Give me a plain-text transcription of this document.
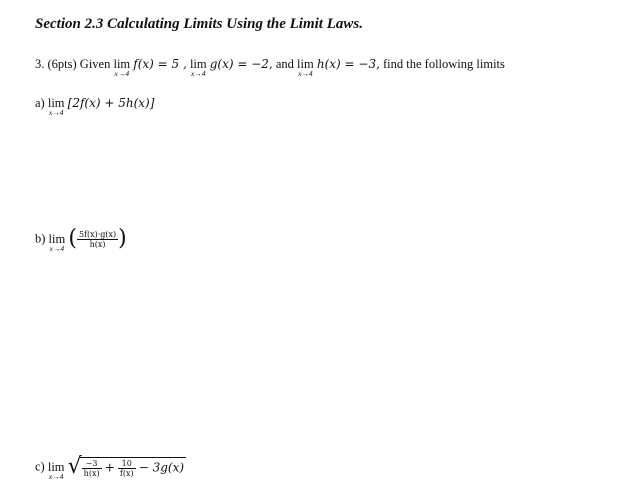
Section 2.3 Calculating Limits Using the Limit Laws.
3. (6pts) Given lim
x→4
f(x) = 5 , lim
x→4
g(x) = −2, and lim
x→4
h(x) = −3, find the following limits
a) lim
x→4
[2f(x) + 5h(x)]
b) lim
x→4 ( $\frac{5f(x)\cdot g(x)}{h(x)}$ )
c) lim
x→4 √ $\frac{-3}{h(x)} + \frac{10}{f(x)} - 3g(x)$
